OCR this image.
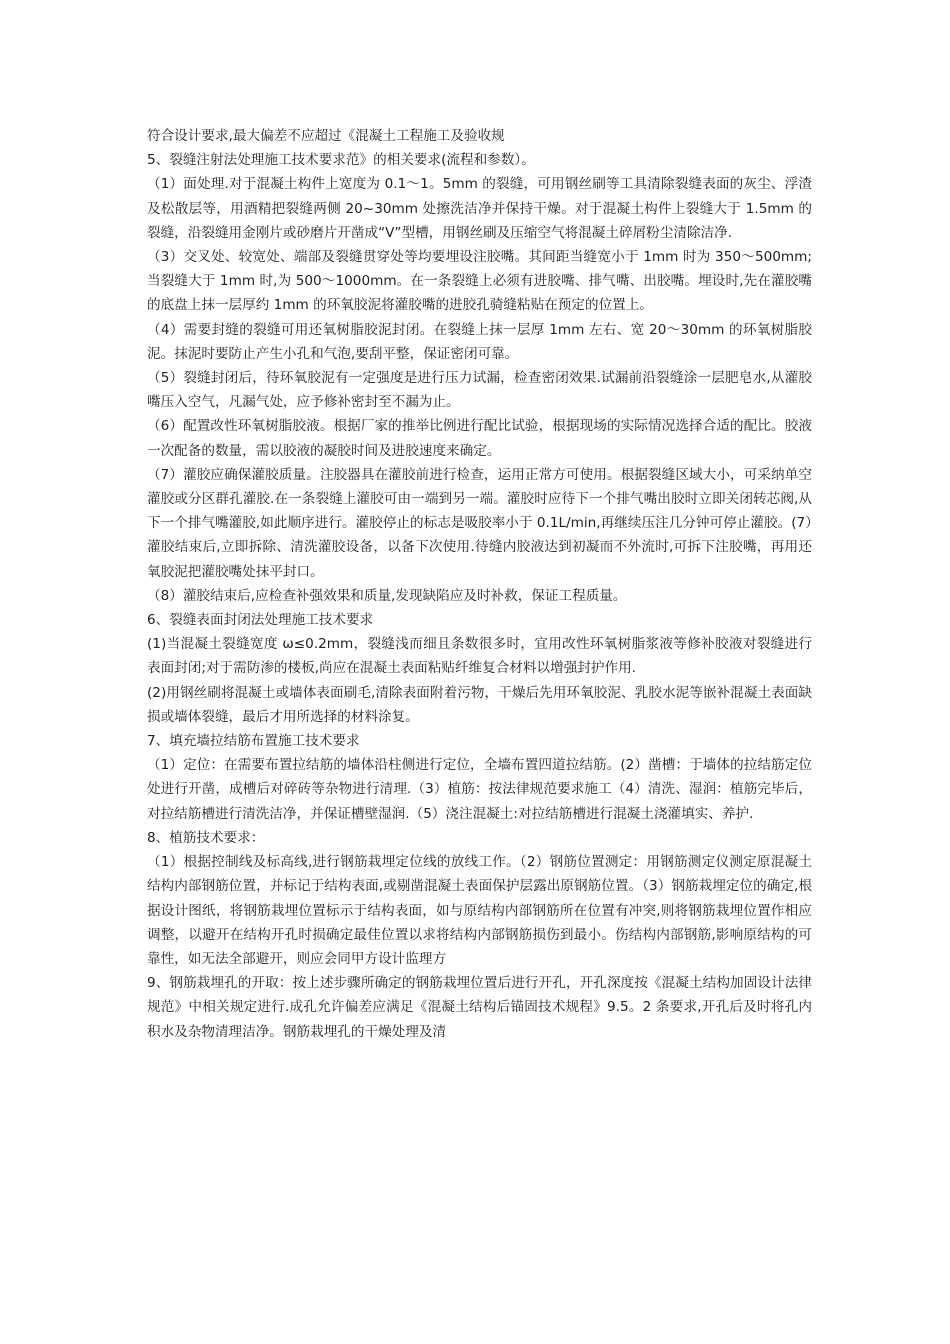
符合设计要求,最大偏差不应超过《混凝土工程施工及验收规

5、裂缝注射法处理施工技术要求范》的相关要求(流程和参数）。

（1）面处理.对于混凝土构件上宽度为 0.1～1。5mm 的裂缝，可用钢丝刷等工具清除裂缝表面的灰尘、浮渣及松散层等，用酒精把裂缝两侧 20~30mm 处擦洗洁净并保持干燥。对于混凝土构件上裂缝大于 1.5mm 的裂缝，沿裂缝用金刚片或砂磨片开凿成“V”型槽，用钢丝刷及压缩空气将混凝土碎屑粉尘清除洁净.

（3）交叉处、较宽处、端部及裂缝贯穿处等均要埋设注胶嘴。其间距当缝宽小于 1mm 时为 350～500mm;当裂缝大于 1mm 时,为 500～1000mm。在一条裂缝上必须有进胶嘴、排气嘴、出胶嘴。埋设时,先在灌胶嘴的底盘上抹一层厚约 1mm 的环氧胶泥将灌胶嘴的进胶孔骑缝粘贴在预定的位置上。

（4）需要封缝的裂缝可用还氧树脂胶泥封闭。在裂缝上抹一层厚 1mm 左右、宽 20～30mm 的环氧树脂胶泥。抹泥时要防止产生小孔和气泡,要刮平整，保证密闭可靠。

（5）裂缝封闭后，待环氧胶泥有一定强度是进行压力试漏，检查密闭效果.试漏前沿裂缝涂一层肥皂水,从灌胶嘴压入空气，凡漏气处，应予修补密封至不漏为止。

（6）配置改性环氧树脂胶液。根据厂家的推举比例进行配比试验，根据现场的实际情况选择合适的配比。胶液一次配备的数量，需以胶液的凝胶时间及进胶速度来确定。

（7）灌胶应确保灌胶质量。注胶器具在灌胶前进行检查，运用正常方可使用。根据裂缝区域大小，可采纳单空灌胶或分区群孔灌胶.在一条裂缝上灌胶可由一端到另一端。灌胶时应待下一个排气嘴出胶时立即关闭转芯阀,从下一个排气嘴灌胶,如此顺序进行。灌胶停止的标志是吸胶率小于 0.1L/min,再继续压注几分钟可停止灌胶。(7）灌胶结束后,立即拆除、清洗灌胶设备，以备下次使用.待缝内胶液达到初凝而不外流时,可拆下注胶嘴，再用还氧胶泥把灌胶嘴处抹平封口。

（8）灌胶结束后,应检查补强效果和质量,发现缺陷应及时补救，保证工程质量。

6、裂缝表面封闭法处理施工技术要求

(1)当混凝土裂缝宽度 ω≤0.2mm，裂缝浅而细且条数很多时，宜用改性环氧树脂浆液等修补胶液对裂缝进行表面封闭;对于需防渗的楼板,尚应在混凝土表面粘贴纤维复合材料以增强封护作用.

(2)用钢丝刷将混凝土或墙体表面刷毛,清除表面附着污物，干燥后先用环氧胶泥、乳胶水泥等嵌补混凝土表面缺损或墙体裂缝，最后才用所选择的材料涂复。

7、填充墙拉结筋布置施工技术要求

（1）定位：在需要布置拉结筋的墙体沿柱侧进行定位，全墙布置四道拉结筋。(2）凿槽：于墙体的拉结筋定位处进行开凿，成槽后对碎砖等杂物进行清理.（3）植筋：按法律规范要求施工（4）清洗、湿润：植筋完毕后，对拉结筋槽进行清洗洁净，并保证槽壁湿润.（5）浇注混凝土:对拉结筋槽进行混凝土浇灌填实、养护.

8、植筋技术要求：

（1）根据控制线及标高线,进行钢筋栽埋定位线的放线工作。（2）钢筋位置测定：用钢筋测定仪测定原混凝土结构内部钢筋位置，并标记于结构表面,或剔凿混凝土表面保护层露出原钢筋位置。（3）钢筋栽埋定位的确定,根据设计图纸，将钢筋栽埋位置标示于结构表面，如与原结构内部钢筋所在位置有冲突,则将钢筋栽埋位置作相应调整，以避开在结构开孔时损确定最佳位置以求将结构内部钢筋损伤到最小。伤结构内部钢筋,影响原结构的可靠性，如无法全部避开，则应会同甲方设计监理方

9、钢筋栽埋孔的开取：按上述步骤所确定的钢筋栽埋位置后进行开孔，开孔深度按《混凝土结构加固设计法律规范》中相关规定进行.成孔允许偏差应满足《混凝土结构后锚固技术规程》9.5。2 条要求,开孔后及时将孔内积水及杂物清理洁净。钢筋栽埋孔的干燥处理及清
